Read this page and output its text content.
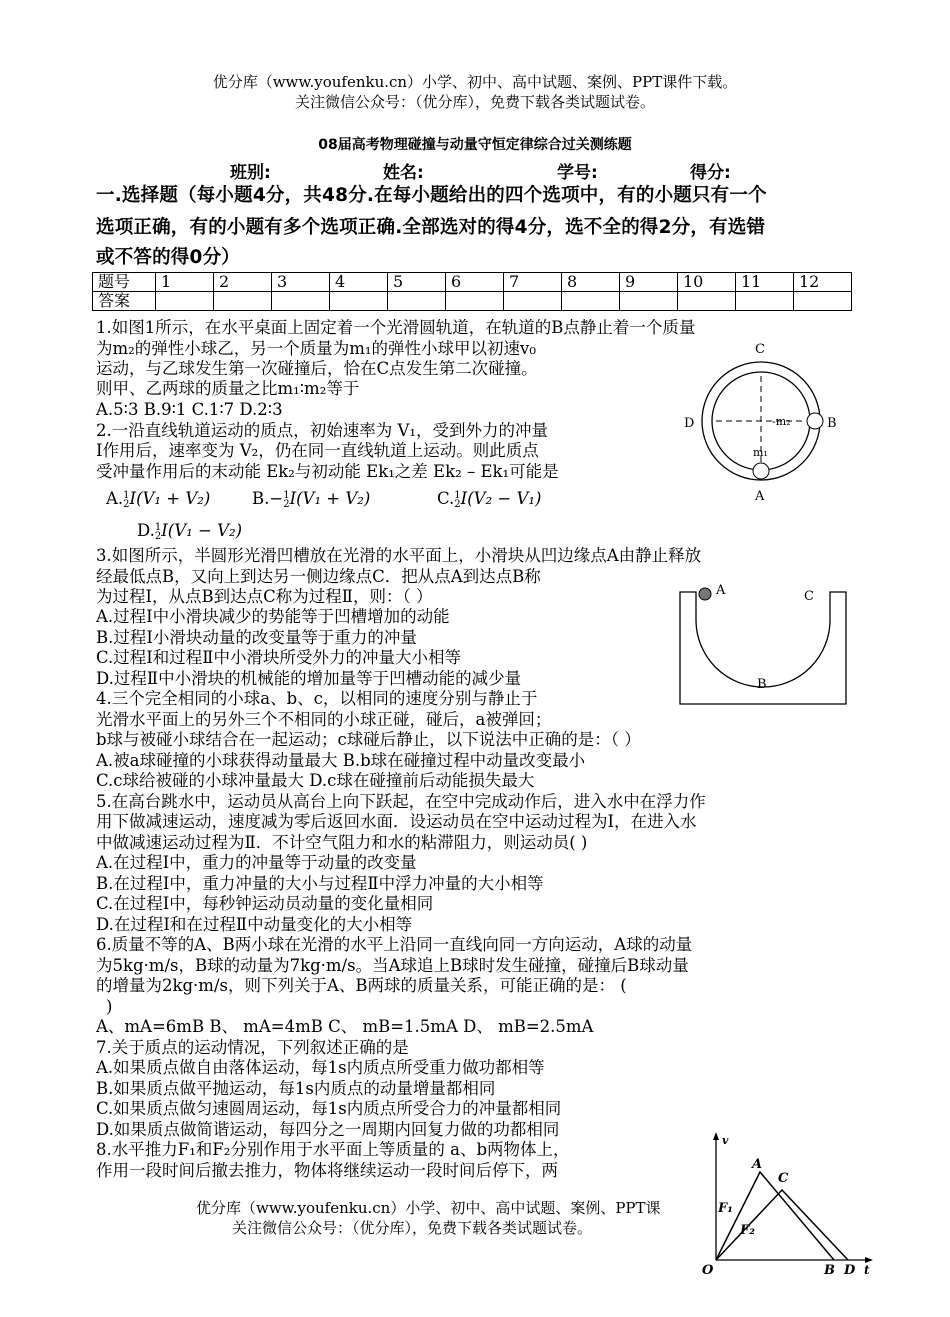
优分库（www.youfenku.cn）小学、初中、高中试题、案例、PPT课件下载。
关注微信公众号：（优分库），免费下载各类试题试卷。
08届高考物理碰撞与动量守恒定律综合过关测练题
班别:	姓名:	学号:	得分:
一.选择题（每小题4分，共48分.在每小题给出的四个选项中，有的小题只有一个
选项正确，有的小题有多个选项正确.全部选对的得4分，选不全的得2分，有选错
或不答的得0分）
题号	1	2	3	4	5	6	7	8	9	10	11	12
答案												
1.如图1所示，在水平桌面上固定着一个光滑圆轨道，在轨道的B点静止着一个质量
为m₂的弹性小球乙，另一个质量为m₁的弹性小球甲以初速v₀
运动，与乙球发生第一次碰撞后，恰在C点发生第二次碰撞。
则甲、乙两球的质量之比m₁∶m₂等于
A.5∶3 B.9∶1 C.1∶7 D.2∶3
C
D	B
A
m₁
-m₂
2.一沿直线轨道运动的质点，初始速率为 V₁，受到外力的冲量
I作用后，速率变为 V₂，仍在同一直线轨道上运动。则此质点
受冲量作用后的末动能 Ek₂与初动能 Ek₁之差 Ek₂ – Ek₁可能是
A.1
2I(V₁ + V₂)	B.−1
2I(V₁ + V₂)	C.1
2I(V₂ − V₁)
D.1
2I(V₁ − V₂)
3.如图所示，半圆形光滑凹槽放在光滑的水平面上，小滑块从凹边缘点A由静止释放
经最低点B，又向上到达另一侧边缘点C．把从点A到达点B称
为过程I，从点B到达点C称为过程Ⅱ，则：（ ）
A.过程Ⅰ中小滑块减少的势能等于凹槽增加的动能
B.过程Ⅰ小滑块动量的改变量等于重力的冲量
C.过程Ⅰ和过程Ⅱ中小滑块所受外力的冲量大小相等
D.过程Ⅱ中小滑块的机械能的增加量等于凹槽动能的减少量
A	C
B
4.三个完全相同的小球a、b、c，以相同的速度分别与静止于
光滑水平面上的另外三个不相同的小球正碰，碰后，a被弹回；
b球与被碰小球结合在一起运动；c球碰后静止，以下说法中正确的是：（ ）
A.被a球碰撞的小球获得动量最大 B.b球在碰撞过程中动量改变最小
C.c球给被碰的小球冲量最大 D.c球在碰撞前后动能损失最大
5.在高台跳水中，运动员从高台上向下跃起，在空中完成动作后，进入水中在浮力作
用下做减速运动，速度减为零后返回水面．设运动员在空中运动过程为Ⅰ，在进入水
中做减速运动过程为Ⅱ．不计空气阻力和水的粘滞阻力，则运动员( )
A.在过程Ⅰ中，重力的冲量等于动量的改变量
B.在过程Ⅰ中，重力冲量的大小与过程Ⅱ中浮力冲量的大小相等
C.在过程Ⅰ中，每秒钟运动员动量的变化量相同
D.在过程Ⅰ和在过程Ⅱ中动量变化的大小相等
6.质量不等的A、B两小球在光滑的水平上沿同一直线向同一方向运动，A球的动量
为5kg·m/s，B球的动量为7kg·m/s。当A球追上B球时发生碰撞，碰撞后B球动量
的增量为2kg·m/s，则下列关于A、B两球的质量关系，可能正确的是： (
)
A、mA=6mB B、 mA=4mB C、 mB=1.5mA D、 mB=2.5mA
7.关于质点的运动情况，下列叙述正确的是
A.如果质点做自由落体运动，每1s内质点所受重力做功都相等
B.如果质点做平抛运动，每1s内质点的动量增量都相同
C.如果质点做匀速圆周运动，每1s内质点所受合力的冲量都相同
D.如果质点做简谐运动，每四分之一周期内回复力做的功都相同
8.水平推力F₁和F₂分别作用于水平面上等质量的 a、b两物体上，
作用一段时间后撤去推力，物体将继续运动一段时间后停下，两
v
t
O
A
C
B D
F₁
F₂
优分库（www.youfenku.cn）小学、初中、高中试题、案例、PPT课
关注微信公众号：（优分库），免费下载各类试题试卷。
